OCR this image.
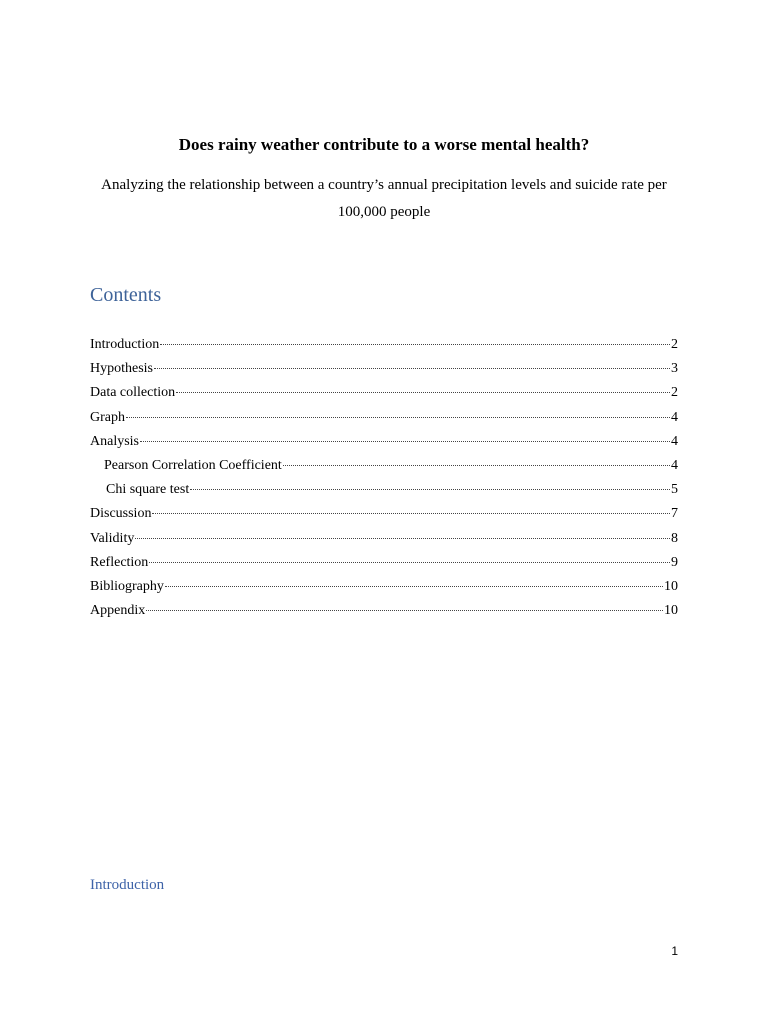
Does rainy weather contribute to a worse mental health?
Analyzing the relationship between a country’s annual precipitation levels and suicide rate per 100,000 people
Contents
Introduction	2
Hypothesis	3
Data collection	2
Graph	4
Analysis	4
Pearson Correlation Coefficient	4
Chi square test	5
Discussion	7
Validity	8
Reflection	9
Bibliography	10
Appendix	10
Introduction
1
